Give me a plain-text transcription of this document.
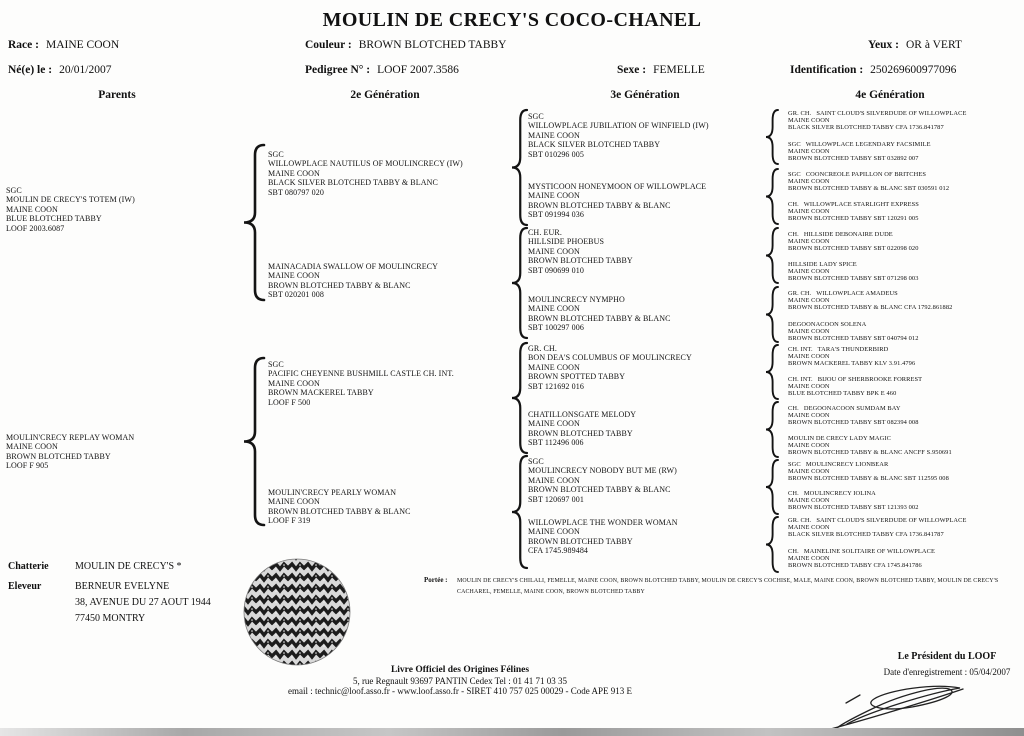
MOULIN DE CRECY'S COCO-CHANEL
Race : MAINE COON	Couleur : BROWN BLOTCHED TABBY	Yeux : OR à VERT
Né(e) le : 20/01/2007	Pedigree N° : LOOF 2007.3586	Sexe : FEMELLE	Identification : 250269600977096
Parents	2e Génération	3e Génération	4e Génération
SGC
MOULIN DE CRECY'S TOTEM (IW)
MAINE COON
BLUE BLOTCHED TABBY
LOOF 2003.6087
MOULIN'CRECY REPLAY WOMAN
MAINE COON
BROWN BLOTCHED TABBY
LOOF F 905
SGC
WILLOWPLACE NAUTILUS OF MOULINCRECY (IW)
MAINE COON
BLACK SILVER BLOTCHED TABBY & BLANC
SBT 080797 020
MAINACADIA SWALLOW OF MOULINCRECY
MAINE COON
BROWN BLOTCHED TABBY & BLANC
SBT 020201 008
SGC
PACIFIC CHEYENNE BUSHMILL CASTLE CH. INT.
MAINE COON
BROWN MACKEREL TABBY
LOOF F 500
MOULIN'CRECY PEARLY WOMAN
MAINE COON
BROWN BLOTCHED TABBY & BLANC
LOOF F 319
SGC
WILLOWPLACE JUBILATION OF WINFIELD (IW)
MAINE COON
BLACK SILVER BLOTCHED TABBY
SBT 010296 005
MYSTICOON HONEYMOON OF WILLOWPLACE
MAINE COON
BROWN BLOTCHED TABBY & BLANC
SBT 091994 036
CH. EUR.
HILLSIDE PHOEBUS
MAINE COON
BROWN BLOTCHED TABBY
SBT 090699 010
MOULINCRECY NYMPHO
MAINE COON
BROWN BLOTCHED TABBY & BLANC
SBT 100297 006
GR. CH.
BON DEA'S COLUMBUS OF MOULINCRECY
MAINE COON
BROWN SPOTTED TABBY
SBT 121692 016
CHATILLONSGATE MELODY
MAINE COON
BROWN BLOTCHED TABBY
SBT 112496 006
SGC
MOULINCRECY NOBODY BUT ME (RW)
MAINE COON
BROWN BLOTCHED TABBY & BLANC
SBT 120697 001
WILLOWPLACE THE WONDER WOMAN
MAINE COON
BROWN BLOTCHED TABBY
CFA 1745.989484
GR. CH.   SAINT CLOUD'S SILVERDUDE OF WILLOWPLACE
MAINE COON
BLACK SILVER BLOTCHED TABBY CFA 1736.841787
SGC   WILLOWPLACE LEGENDARY FACSIMILE
MAINE COON
BROWN BLOTCHED TABBY SBT 032892 007
SGC   COONCREOLE PAPILLON OF BRITCHES
MAINE COON
BROWN BLOTCHED TABBY & BLANC SBT 030591 012
CH.   WILLOWPLACE STARLIGHT EXPRESS
MAINE COON
BROWN BLOTCHED TABBY SBT 120291 005
CH.   HILLSIDE DEBONAIRE DUDE
MAINE COON
BROWN BLOTCHED TABBY SBT 022098 020
HILLSIDE LADY SPICE
MAINE COON
BROWN BLOTCHED TABBY SBT 071298 003
GR. CH.   WILLOWPLACE AMADEUS
MAINE COON
BROWN BLOTCHED TABBY & BLANC CFA 1792.861882
DEGOONACOON SOLENA
MAINE COON
BROWN BLOTCHED TABBY SBT 040794 012
CH. INT.   TARA'S THUNDERBIRD
MAINE COON
BROWN MACKEREL TABBY KLV 3.91.4796
CH. INT.   BIJOU OF SHERBROOKE FORREST
MAINE COON
BLUE BLOTCHED TABBY BPK E 460
CH.   DEGOONACOON SUMDAM BAY
MAINE COON
BROWN BLOTCHED TABBY SBT 082394 008
MOULIN DE CRECY LADY MAGIC
MAINE COON
BROWN BLOTCHED TABBY & BLANC ANCFF S.950691
SGC   MOULINCRECY LIONBEAR
MAINE COON
BROWN BLOTCHED TABBY & BLANC SBT 112595 008
CH.   MOULINCRECY IOLINA
MAINE COON
BROWN BLOTCHED TABBY SBT 121393 002
GR. CH.   SAINT CLOUD'S SILVERDUDE OF WILLOWPLACE
MAINE COON
BLACK SILVER BLOTCHED TABBY CFA 1736.841787
CH.   MAINELINE SOLITAIRE OF WILLOWPLACE
MAINE COON
BROWN BLOTCHED TABBY CFA 1745.841786
Chatterie	MOULIN DE CRECY'S *
Eleveur	BERNEUR EVELYNE
38, AVENUE DU 27 AOUT 1944
77450 MONTRY
Portée : MOULIN DE CRECY'S CHILALI, FEMELLE, MAINE COON, BROWN BLOTCHED TABBY, MOULIN DE CRECY'S COCHISE, MALE, MAINE COON, BROWN BLOTCHED TABBY, MOULIN DE CRECY'S CACHAREL, FEMELLE, MAINE COON, BROWN BLOTCHED TABBY
Livre Officiel des Origines Félines
5, rue Regnault 93697 PANTIN Cedex Tel : 01 41 71 03 35
email : technic@loof.asso.fr - www.loof.asso.fr - SIRET 410 757 025 00029 - Code APE 913 E
Le Président du LOOF
Date d'enregistrement : 05/04/2007
